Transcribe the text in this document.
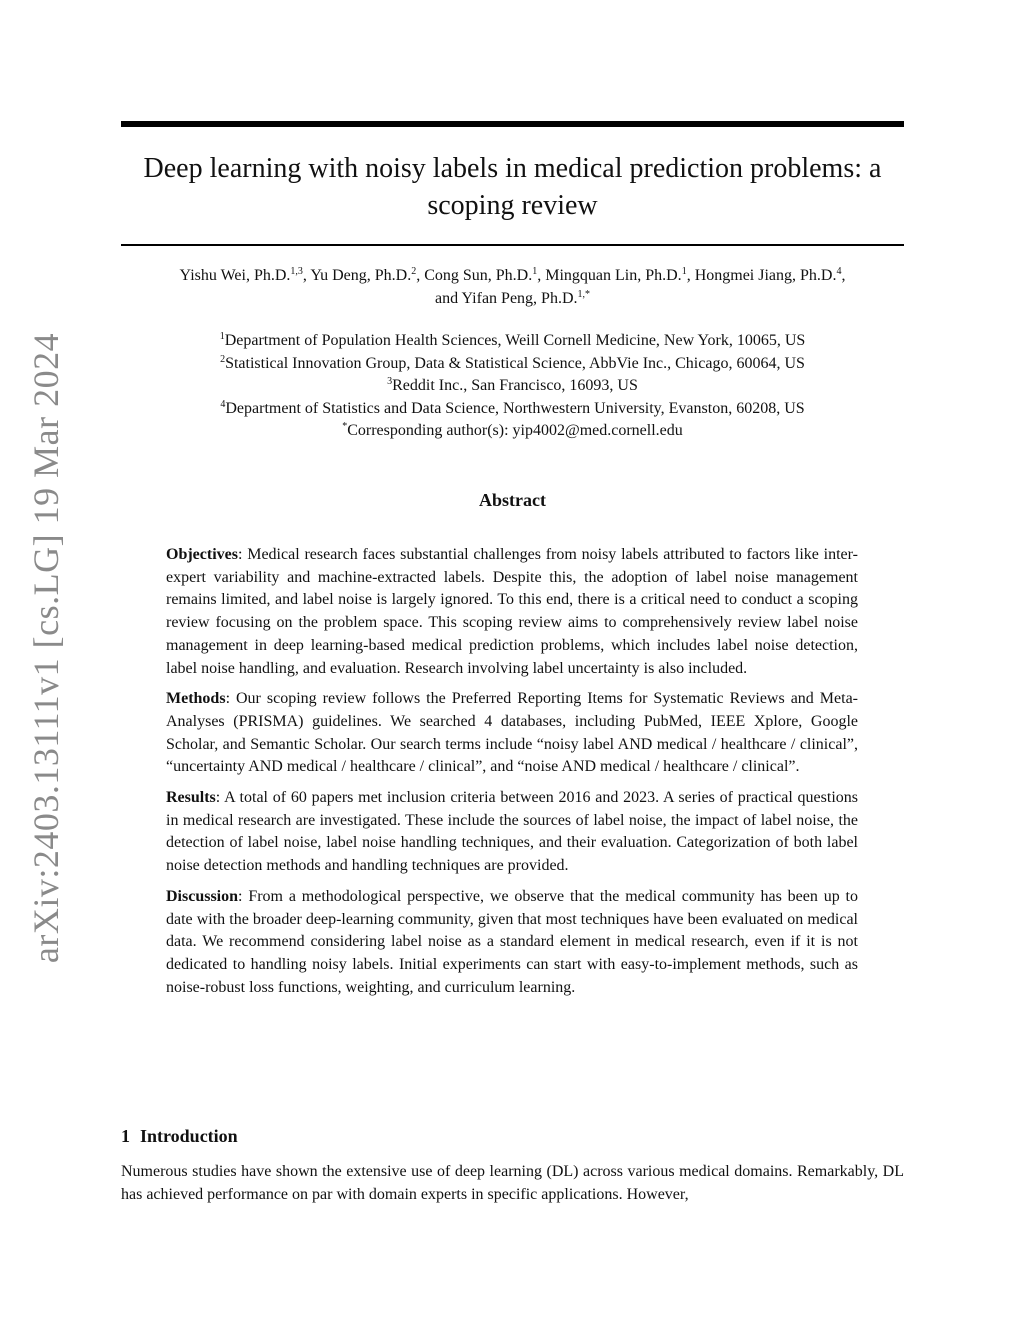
arXiv:2403.13111v1 [cs.LG] 19 Mar 2024
Deep learning with noisy labels in medical prediction problems: a scoping review
Yishu Wei, Ph.D.$^{1,3}$, Yu Deng, Ph.D.$^2$, Cong Sun, Ph.D.$^1$, Mingquan Lin, Ph.D.$^1$, Hongmei Jiang, Ph.D.$^4$,
and Yifan Peng, Ph.D.$^{1,*}$
$^1$Department of Population Health Sciences, Weill Cornell Medicine, New York, 10065, US
$^2$Statistical Innovation Group, Data & Statistical Science, AbbVie Inc., Chicago, 60064, US
$^3$Reddit Inc., San Francisco, 16093, US
$^4$Department of Statistics and Data Science, Northwestern University, Evanston, 60208, US
*Corresponding author(s): yip4002@med.cornell.edu
Abstract

Objectives: Medical research faces substantial challenges from noisy labels attributed to factors like inter-expert variability and machine-extracted labels. Despite this, the adoption of label noise management remains limited, and label noise is largely ignored. To this end, there is a critical need to conduct a scoping review focusing on the problem space. This scoping review aims to comprehensively review label noise management in deep learning-based medical prediction problems, which includes label noise detection, label noise handling, and evaluation. Research involving label uncertainty is also included.

Methods: Our scoping review follows the Preferred Reporting Items for Systematic Reviews and Meta-Analyses (PRISMA) guidelines. We searched 4 databases, including PubMed, IEEE Xplore, Google Scholar, and Semantic Scholar. Our search terms include “noisy label AND medical / healthcare / clinical”, “uncertainty AND medical / healthcare / clinical”, and “noise AND medical / healthcare / clinical”.

Results: A total of 60 papers met inclusion criteria between 2016 and 2023. A series of practical questions in medical research are investigated. These include the sources of label noise, the impact of label noise, the detection of label noise, label noise handling techniques, and their evaluation. Categorization of both label noise detection methods and handling techniques are provided.

Discussion: From a methodological perspective, we observe that the medical community has been up to date with the broader deep-learning community, given that most techniques have been evaluated on medical data. We recommend considering label noise as a standard element in medical research, even if it is not dedicated to handling noisy labels. Initial experiments can start with easy-to-implement methods, such as noise-robust loss functions, weighting, and curriculum learning.

1 Introduction

Numerous studies have shown the extensive use of deep learning (DL) across various medical domains. Remarkably, DL has achieved performance on par with domain experts in specific applications. However,
